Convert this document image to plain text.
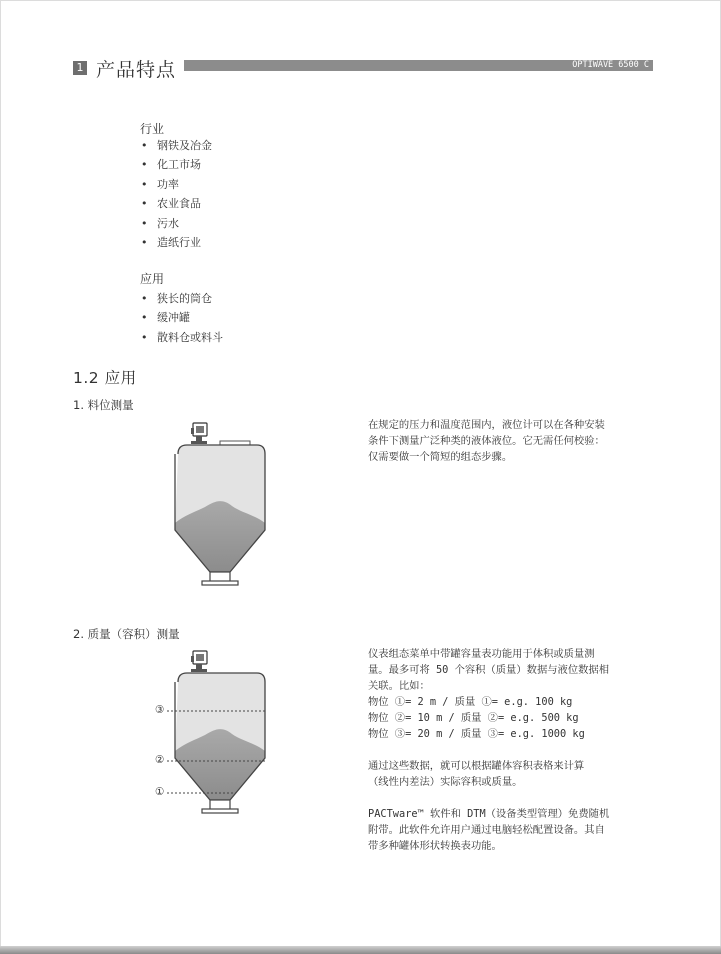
1 产品特点	OPTIWAVE 6500 C
行业
• 钢铁及冶金
• 化工市场
• 功率
• 农业食品
• 污水
• 造纸行业
应用
• 狭长的筒仓
• 缓冲罐
• 散料仓或料斗
1.2 应用
1. 料位测量
在规定的压力和温度范围内，液位计可以在各种安装
条件下测量广泛种类的液体液位。它无需任何校验：
仅需要做一个简短的组态步骤。
2. 质量（容积）测量
③
②
①
仪表组态菜单中带罐容量表功能用于体积或质量测
量。最多可将 50 个容积（质量）数据与液位数据相
关联。比如：
物位 ①= 2 m / 质量 ①= e.g. 100 kg
物位 ②= 10 m / 质量 ②= e.g. 500 kg
物位 ③= 20 m / 质量 ③= e.g. 1000 kg
通过这些数据，就可以根据罐体容积表格来计算
（线性内差法）实际容积或质量。
PACTware™ 软件和 DTM（设备类型管理）免费随机
附带。此软件允许用户通过电脑轻松配置设备。其自
带多种罐体形状转换表功能。
